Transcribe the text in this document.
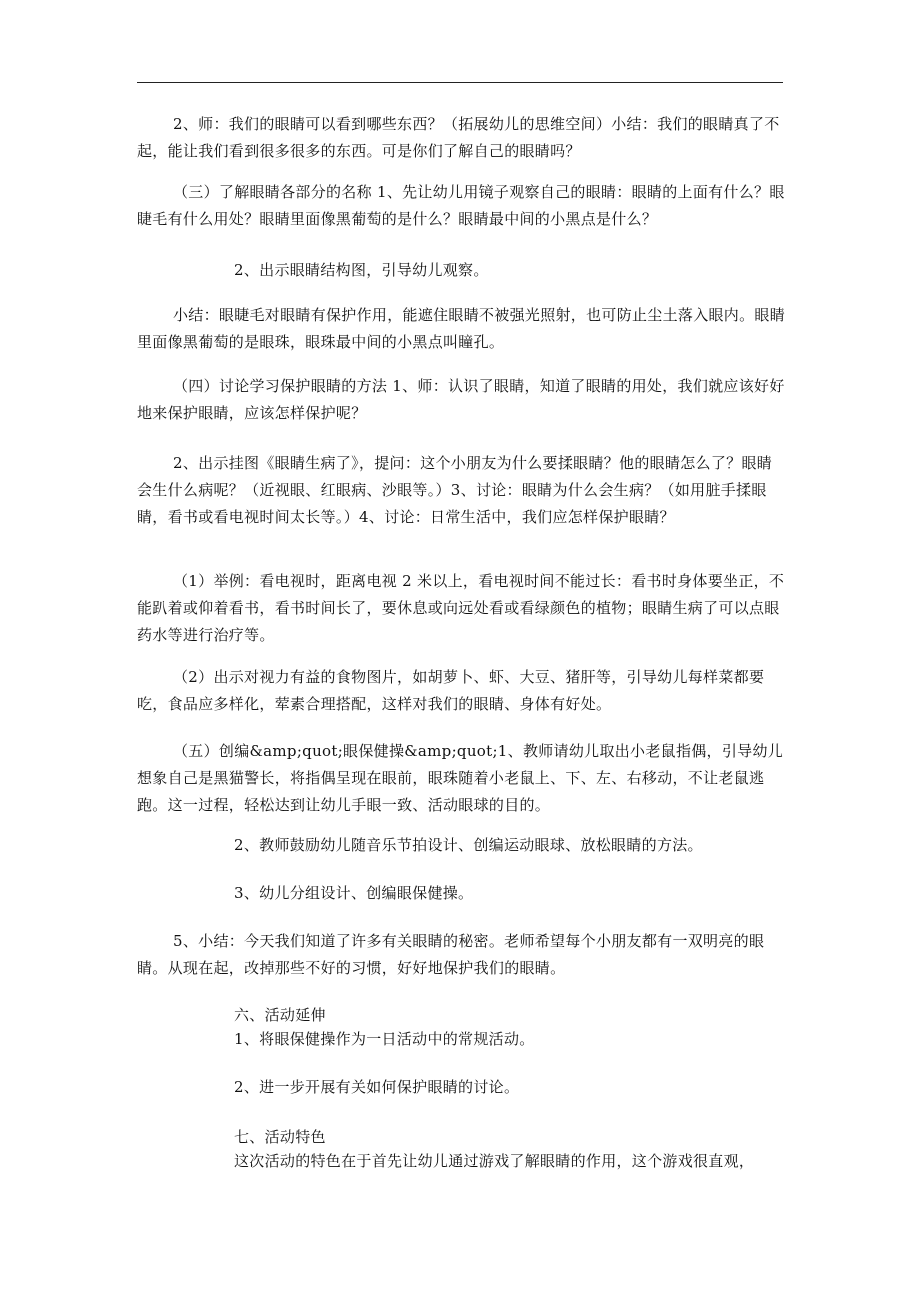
2、师：我们的眼睛可以看到哪些东西？（拓展幼儿的思维空间）小结：我们的眼睛真了不起，能让我们看到很多很多的东西。可是你们了解自己的眼睛吗？

（三）了解眼睛各部分的名称 1、先让幼儿用镜子观察自己的眼睛：眼睛的上面有什么？眼睫毛有什么用处？眼睛里面像黑葡萄的是什么？眼睛最中间的小黑点是什么？

2、出示眼睛结构图，引导幼儿观察。

小结：眼睫毛对眼睛有保护作用，能遮住眼睛不被强光照射，也可防止尘土落入眼内。眼睛里面像黑葡萄的是眼珠，眼珠最中间的小黑点叫瞳孔。

（四）讨论学习保护眼睛的方法 1、师：认识了眼睛，知道了眼睛的用处，我们就应该好好地来保护眼睛，应该怎样保护呢？

2、出示挂图《眼睛生病了》，提问：这个小朋友为什么要揉眼睛？他的眼睛怎么了？眼睛会生什么病呢？（近视眼、红眼病、沙眼等。）3、讨论：眼睛为什么会生病？（如用脏手揉眼睛，看书或看电视时间太长等。）4、讨论：日常生活中，我们应怎样保护眼睛？

（1）举例：看电视时，距离电视 2 米以上，看电视时间不能过长：看书时身体要坐正，不能趴着或仰着看书，看书时间长了，要休息或向远处看或看绿颜色的植物；眼睛生病了可以点眼药水等进行治疗等。

（2）出示对视力有益的食物图片，如胡萝卜、虾、大豆、猪肝等，引导幼儿每样菜都要吃，食品应多样化，荤素合理搭配，这样对我们的眼睛、身体有好处。

（五）创编&amp;quot;眼保健操&amp;quot;1、教师请幼儿取出小老鼠指偶，引导幼儿想象自己是黑猫警长，将指偶呈现在眼前，眼珠随着小老鼠上、下、左、右移动，不让老鼠逃跑。这一过程，轻松达到让幼儿手眼一致、活动眼球的目的。

2、教师鼓励幼儿随音乐节拍设计、创编运动眼球、放松眼睛的方法。

3、幼儿分组设计、创编眼保健操。

5、小结：今天我们知道了许多有关眼睛的秘密。老师希望每个小朋友都有一双明亮的眼睛。从现在起，改掉那些不好的习惯，好好地保护我们的眼睛。

六、活动延伸

1、将眼保健操作为一日活动中的常规活动。

2、进一步开展有关如何保护眼睛的讨论。

七、活动特色

这次活动的特色在于首先让幼儿通过游戏了解眼睛的作用，这个游戏很直观，
